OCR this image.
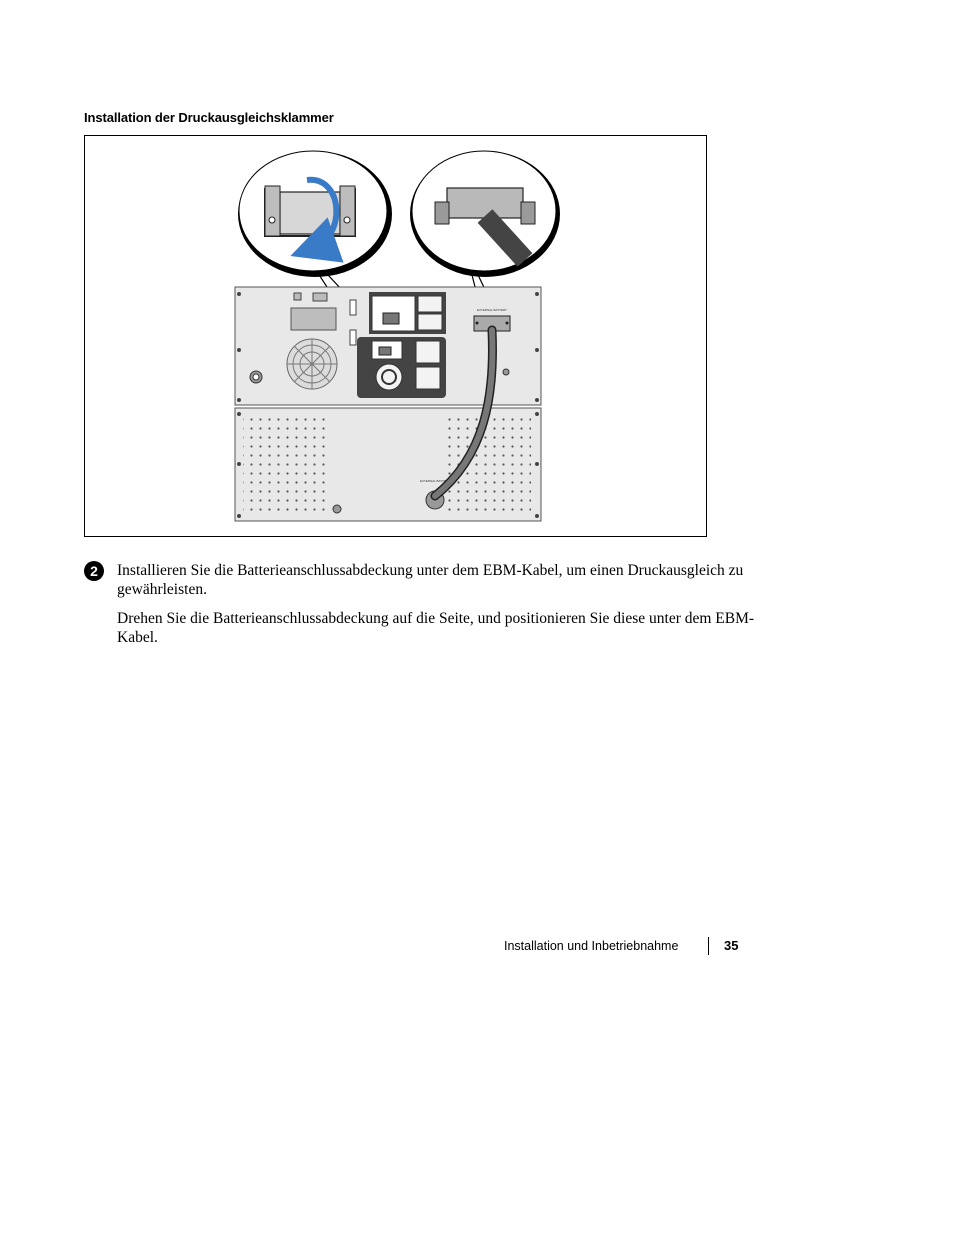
Installation der Druckausgleichsklammer
EXTERNAL BATTERY
EXTERNAL BATTERY
2	Installieren Sie die Batterieanschlussabdeckung unter dem EBM-Kabel, um einen Druckausgleich zu gewährleisten.
Drehen Sie die Batterieanschlussabdeckung auf die Seite, und positionieren Sie diese unter dem EBM-Kabel.
Installation und Inbetriebnahme	35
